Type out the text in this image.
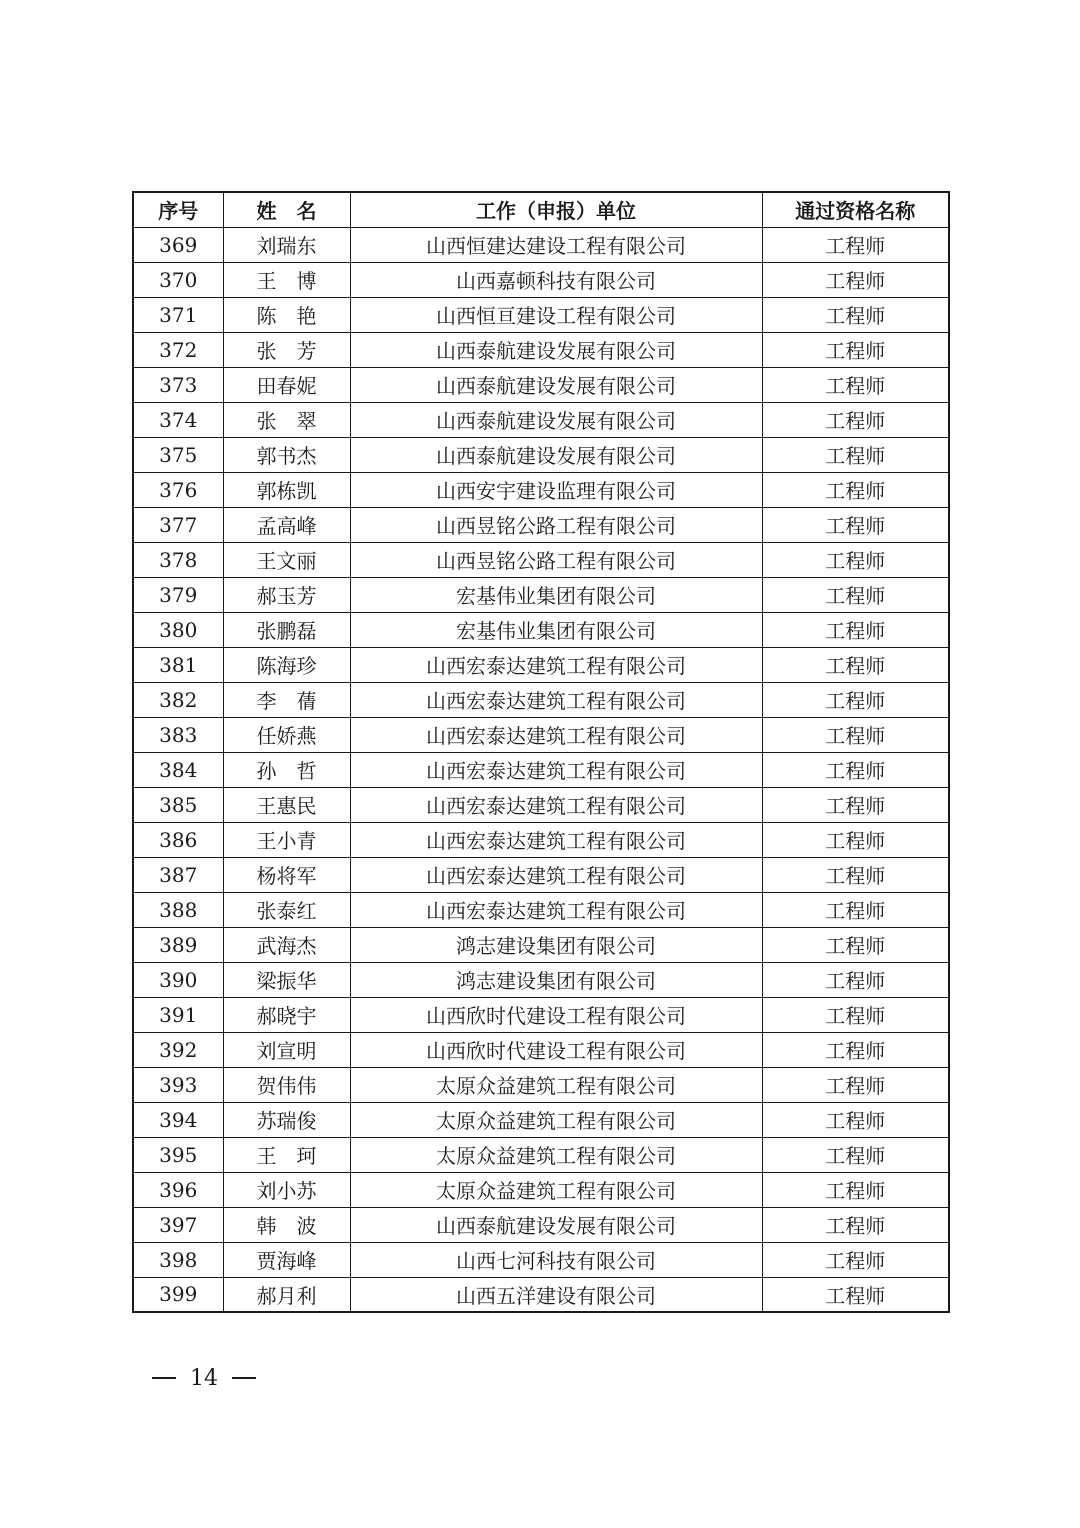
序号	姓　名	工作（申报）单位	通过资格名称
369	刘瑞东	山西恒建达建设工程有限公司	工程师
370	王　博	山西嘉顿科技有限公司	工程师
371	陈　艳	山西恒亘建设工程有限公司	工程师
372	张　芳	山西泰航建设发展有限公司	工程师
373	田春妮	山西泰航建设发展有限公司	工程师
374	张　翠	山西泰航建设发展有限公司	工程师
375	郭书杰	山西泰航建设发展有限公司	工程师
376	郭栋凯	山西安宇建设监理有限公司	工程师
377	孟高峰	山西昱铭公路工程有限公司	工程师
378	王文丽	山西昱铭公路工程有限公司	工程师
379	郝玉芳	宏基伟业集团有限公司	工程师
380	张鹏磊	宏基伟业集团有限公司	工程师
381	陈海珍	山西宏泰达建筑工程有限公司	工程师
382	李　蒨	山西宏泰达建筑工程有限公司	工程师
383	任娇燕	山西宏泰达建筑工程有限公司	工程师
384	孙　哲	山西宏泰达建筑工程有限公司	工程师
385	王惠民	山西宏泰达建筑工程有限公司	工程师
386	王小青	山西宏泰达建筑工程有限公司	工程师
387	杨将军	山西宏泰达建筑工程有限公司	工程师
388	张泰红	山西宏泰达建筑工程有限公司	工程师
389	武海杰	鸿志建设集团有限公司	工程师
390	梁振华	鸿志建设集团有限公司	工程师
391	郝晓宇	山西欣时代建设工程有限公司	工程师
392	刘宣明	山西欣时代建设工程有限公司	工程师
393	贺伟伟	太原众益建筑工程有限公司	工程师
394	苏瑞俊	太原众益建筑工程有限公司	工程师
395	王　珂	太原众益建筑工程有限公司	工程师
396	刘小苏	太原众益建筑工程有限公司	工程师
397	韩　波	山西泰航建设发展有限公司	工程师
398	贾海峰	山西七河科技有限公司	工程师
399	郝月利	山西五洋建设有限公司	工程师
14
